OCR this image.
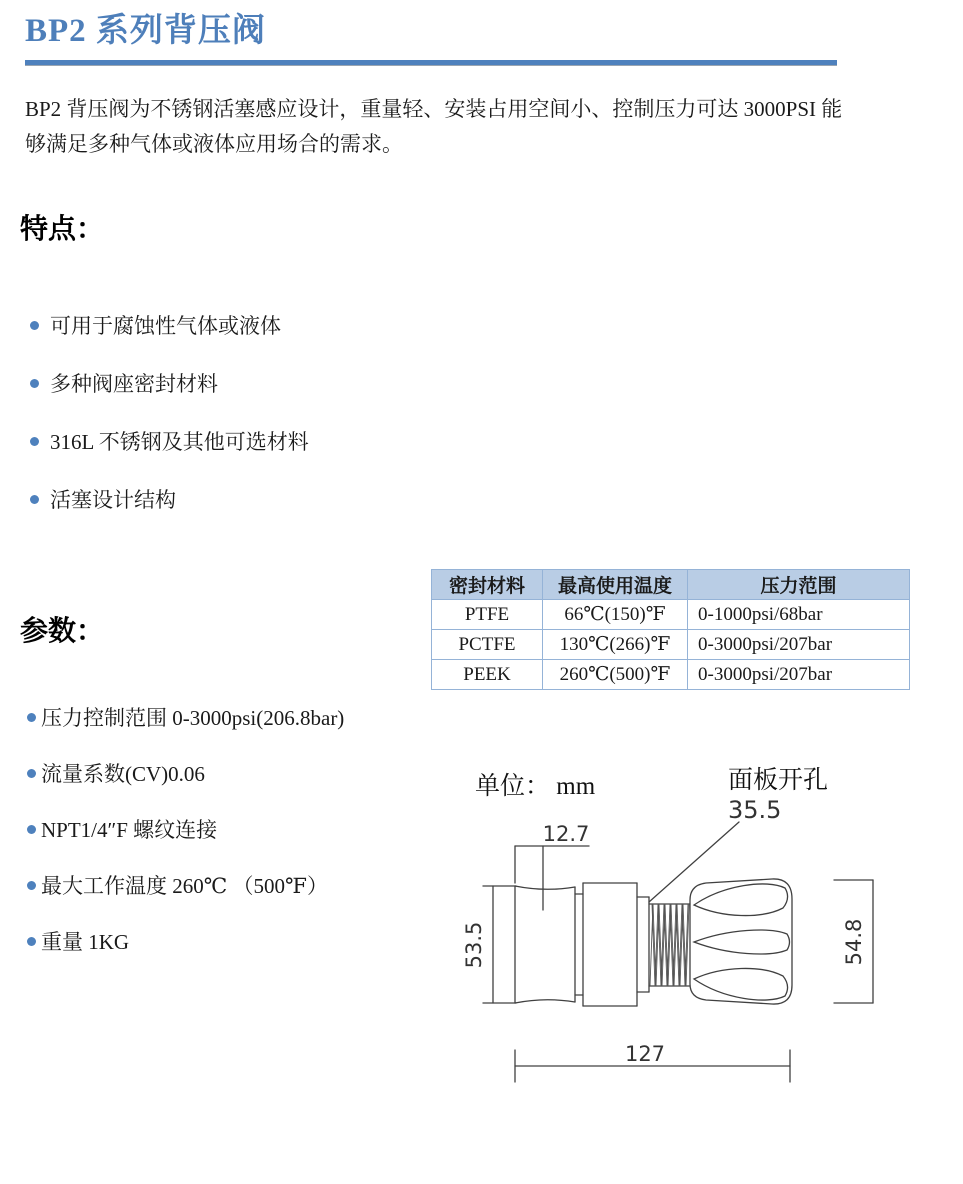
BP2 系列背压阀
BP2 背压阀为不锈钢活塞感应设计，重量轻、安装占用空间小、控制压力可达 3000PSI 能
够满足多种气体或液体应用场合的需求。
特点：
可用于腐蚀性气体或液体
多种阀座密封材料
316L 不锈钢及其他可选材料
活塞设计结构
密封材料	最高使用温度	压力范围
PTFE	66℃(150)℉	0-1000psi/68bar
PCTFE	130℃(266)℉	0-3000psi/207bar
PEEK	260℃(500)℉	0-3000psi/207bar
参数：
压力控制范围 0-3000psi(206.8bar)
流量系数(CV)0.06
NPT1/4″F 螺纹连接
最大工作温度 260℃ （500℉）
重量 1KG
单位： mm	面板开孔
35.5
12.7
53.5	54.8
127
